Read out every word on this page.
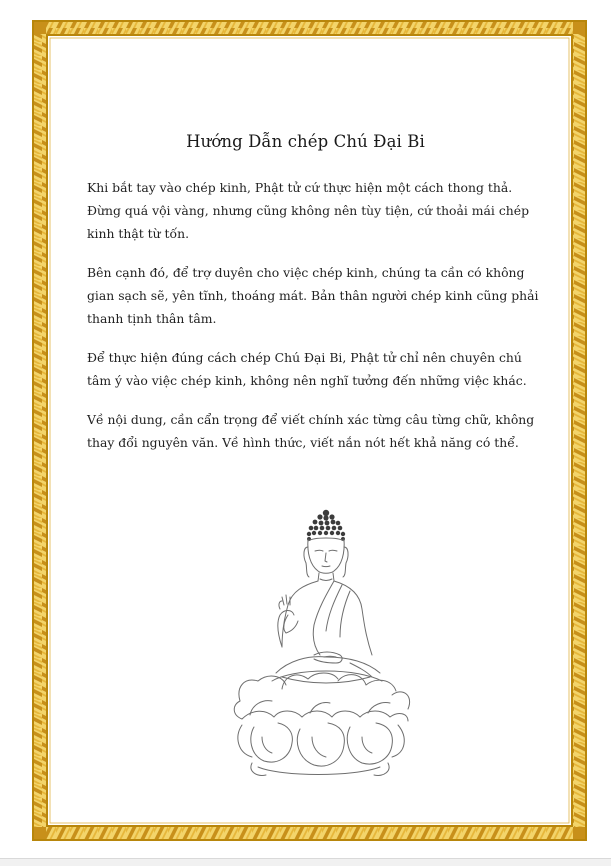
Hướng Dẫn chép Chú Đại Bi

Khi bắt tay vào chép kinh, Phật tử cứ thực hiện một cách thong thả.
Đừng quá vội vàng, nhưng cũng không nên tùy tiện, cứ thoải mái chép
kinh thật từ tốn.

Bên cạnh đó, để trợ duyên cho việc chép kinh, chúng ta cần có không
gian sạch sẽ, yên tĩnh, thoáng mát. Bản thân người chép kinh cũng phải
thanh tịnh thân tâm.

Để thực hiện đúng cách chép Chú Đại Bi, Phật tử chỉ nên chuyên chú
tâm ý vào việc chép kinh, không nên nghĩ tưởng đến những việc khác.

Về nội dung, cần cẩn trọng để viết chính xác từng câu từng chữ, không
thay đổi nguyên văn. Về hình thức, viết nắn nót hết khả năng có thể.
